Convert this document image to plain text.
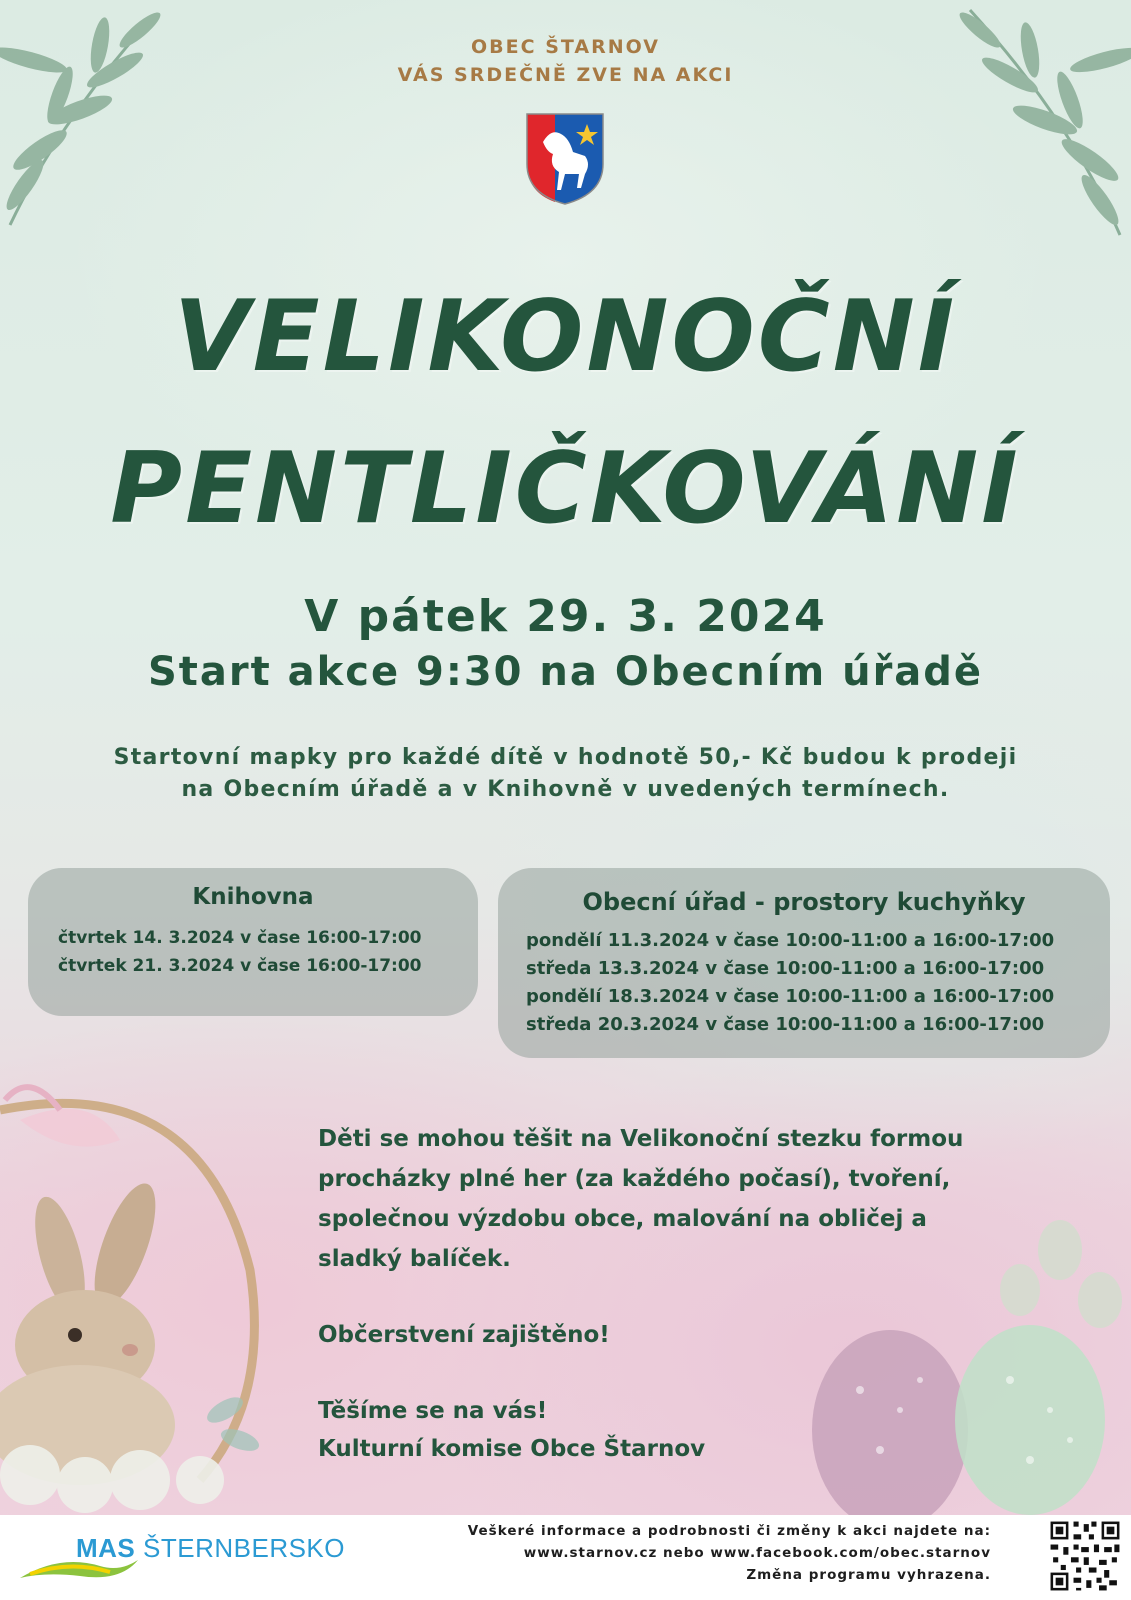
OBEC ŠTARNOV
VÁS SRDEČNĚ ZVE NA AKCI
VELIKONOČNÍ
PENTLIČKOVÁNÍ
V pátek 29. 3. 2024
Start akce 9:30 na Obecním úřadě
Startovní mapky pro každé dítě v hodnotě 50,- Kč budou k prodeji
na Obecním úřadě a v Knihovně v uvedených termínech.
Knihovna
čtvrtek 14. 3.2024 v čase 16:00-17:00
čtvrtek 21. 3.2024 v čase 16:00-17:00
Obecní úřad - prostory kuchyňky
pondělí 11.3.2024 v čase 10:00-11:00 a 16:00-17:00
středa 13.3.2024 v čase 10:00-11:00 a 16:00-17:00
pondělí 18.3.2024 v čase 10:00-11:00 a 16:00-17:00
středa 20.3.2024 v čase 10:00-11:00 a 16:00-17:00
Děti se mohou těšit na Velikonoční stezku formou
procházky plné her (za každého počasí), tvoření,
společnou výzdobu obce, malování na obličej a
sladký balíček.
Občerstvení zajištěno!
Těšíme se na vás!
Kulturní komise Obce Štarnov
MAS ŠTERNBERSKO
Veškeré informace a podrobnosti či změny k akci najdete na:
www.starnov.cz nebo www.facebook.com/obec.starnov
Změna programu vyhrazena.
